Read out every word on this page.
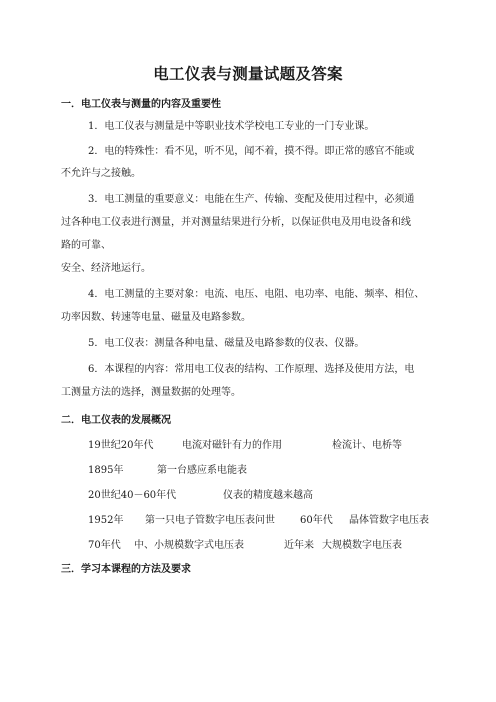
电工仪表与测量试题及答案
一．电工仪表与测量的内容及重要性

1．电工仪表与测量是中等职业技术学校电工专业的一门专业课。

2．电的特殊性：看不见，听不见，闻不着，摸不得。即正常的感官不能或

不允许与之接触。

3．电工测量的重要意义：电能在生产、传输、变配及使用过程中，必须通

过各种电工仪表进行测量，并对测量结果进行分析，以保证供电及用电设备和线

路的可靠、

安全、经济地运行。

4．电工测量的主要对象：电流、电压、电阻、电功率、电能、频率、相位、

功率因数、转速等电量、磁量及电路参数。

5．电工仪表：测量各种电量、磁量及电路参数的仪表、仪器。

6．本课程的内容：常用电工仪表的结构、工作原理、选择及使用方法，电

工测量方法的选择，测量数据的处理等。

二．电工仪表的发展概况
19世纪20年代	电流对磁针有力的作用	检流计、电桥等
1895年	第一台感应系电能表
20世纪40－60年代	仪表的精度越来越高
1952年 第一只电子管数字电压表问世	60年代 晶体管数字电压表
70年代 中、小规模数字式电压表	近年来 大规模数字电压表
三．学习本课程的方法及要求
